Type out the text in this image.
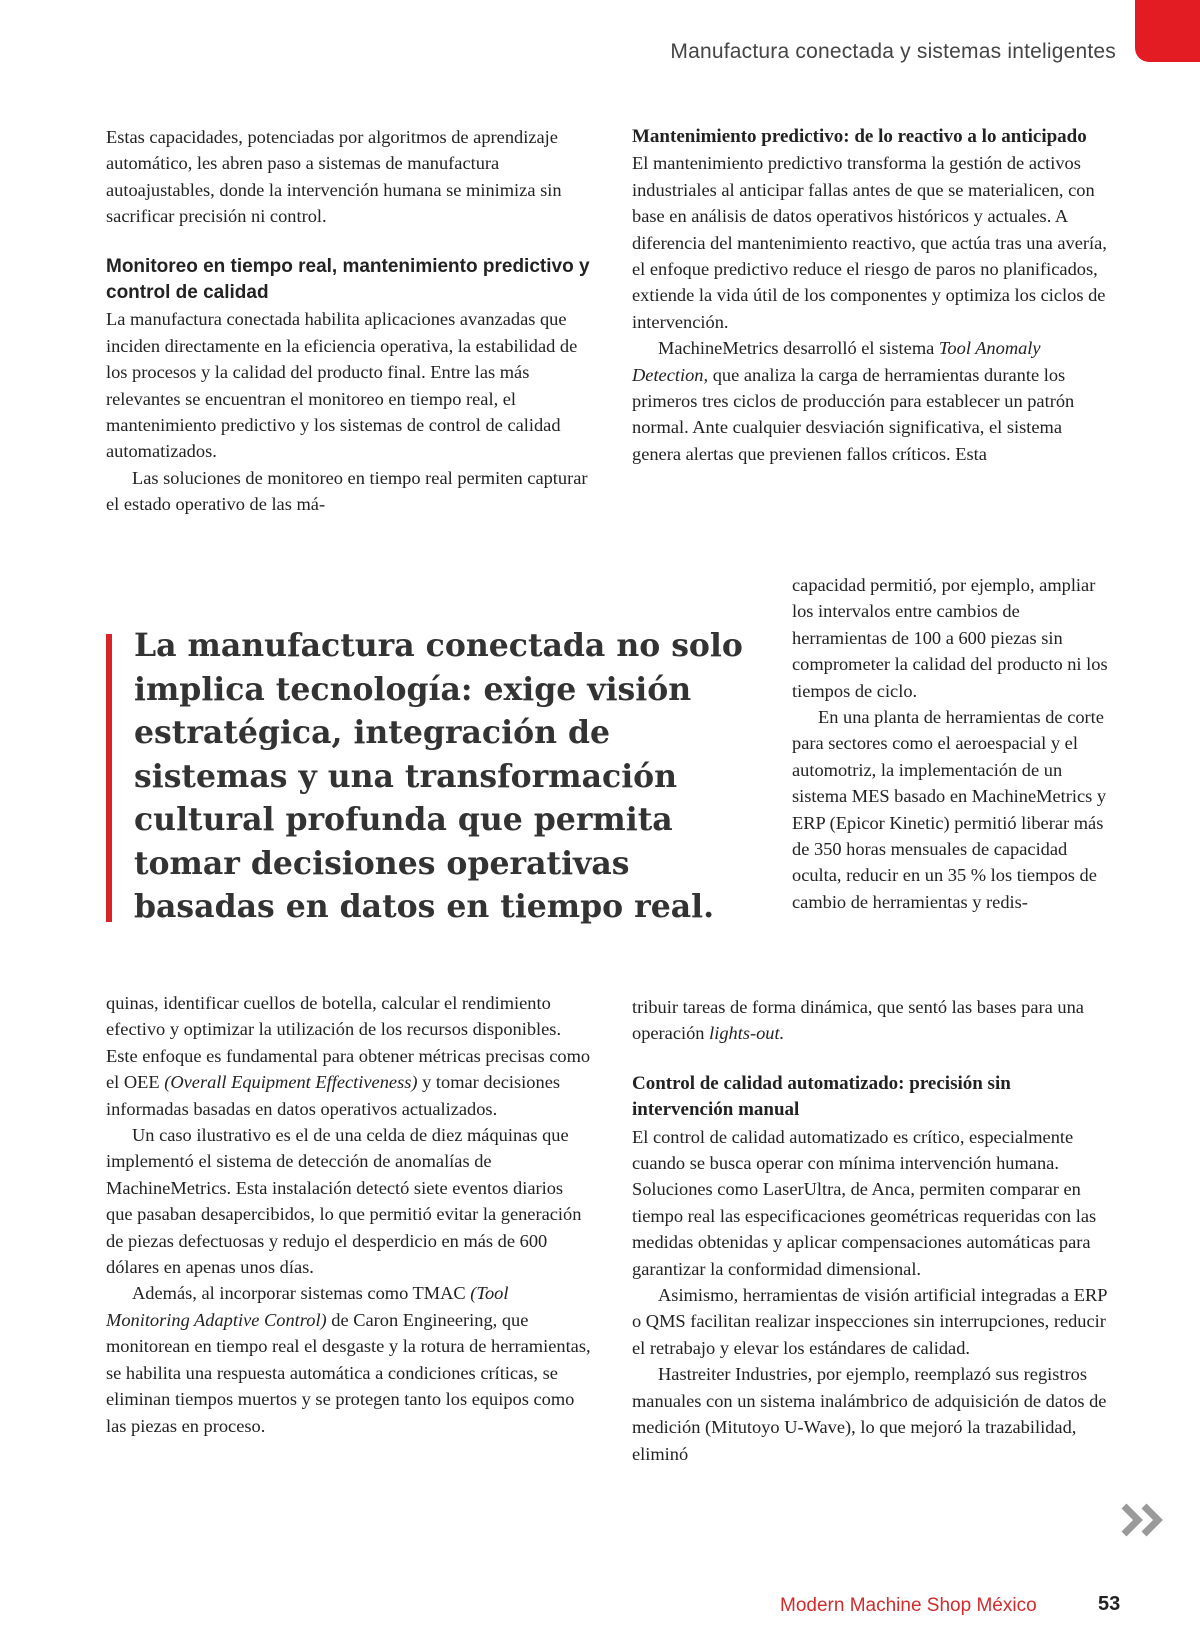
Manufactura conectada y sistemas inteligentes

Estas capacidades, potenciadas por algoritmos de aprendizaje automático, les abren paso a sistemas de manufactura autoajustables, donde la intervención humana se minimiza sin sacrificar precisión ni control.

Monitoreo en tiempo real, mantenimiento predictivo y control de calidad

La manufactura conectada habilita aplicaciones avanzadas que inciden directamente en la eficiencia operativa, la estabilidad de los procesos y la calidad del producto final. Entre las más relevantes se encuentran el monitoreo en tiempo real, el mantenimiento predictivo y los sistemas de control de calidad automatizados.

Las soluciones de monitoreo en tiempo real permiten capturar el estado operativo de las má-

La manufactura conectada no solo implica tecnología: exige visión estratégica, integración de sistemas y una transformación cultural profunda que permita tomar decisiones operativas basadas en datos en tiempo real.

quinas, identificar cuellos de botella, calcular el rendimiento efectivo y optimizar la utilización de los recursos disponibles. Este enfoque es fundamental para obtener métricas precisas como el OEE (Overall Equipment Effectiveness) y tomar decisiones informadas basadas en datos operativos actualizados.

Un caso ilustrativo es el de una celda de diez máquinas que implementó el sistema de detección de anomalías de MachineMetrics. Esta instalación detectó siete eventos diarios que pasaban desapercibidos, lo que permitió evitar la generación de piezas defectuosas y redujo el desperdicio en más de 600 dólares en apenas unos días.

Además, al incorporar sistemas como TMAC (Tool Monitoring Adaptive Control) de Caron Engineering, que monitorean en tiempo real el desgaste y la rotura de herramientas, se habilita una respuesta automática a condiciones críticas, se eliminan tiempos muertos y se protegen tanto los equipos como las piezas en proceso.

Mantenimiento predictivo: de lo reactivo a lo anticipado

El mantenimiento predictivo transforma la gestión de activos industriales al anticipar fallas antes de que se materialicen, con base en análisis de datos operativos históricos y actuales. A diferencia del mantenimiento reactivo, que actúa tras una avería, el enfoque predictivo reduce el riesgo de paros no planificados, extiende la vida útil de los componentes y optimiza los ciclos de intervención.

MachineMetrics desarrolló el sistema Tool Anomaly Detection, que analiza la carga de herramientas durante los primeros tres ciclos de producción para establecer un patrón normal. Ante cualquier desviación significativa, el sistema genera alertas que previenen fallos críticos. Esta

capacidad permitió, por ejemplo, ampliar los intervalos entre cambios de herramientas de 100 a 600 piezas sin comprometer la calidad del producto ni los tiempos de ciclo.

En una planta de herramientas de corte para sectores como el aeroespacial y el automotriz, la implementación de un sistema MES basado en MachineMetrics y ERP (Epicor Kinetic) permitió liberar más de 350 horas mensuales de capacidad oculta, reducir en un 35 % los tiempos de cambio de herramientas y redis-

tribuir tareas de forma dinámica, que sentó las bases para una operación lights-out.

Control de calidad automatizado: precisión sin intervención manual

El control de calidad automatizado es crítico, especialmente cuando se busca operar con mínima intervención humana. Soluciones como LaserUltra, de Anca, permiten comparar en tiempo real las especificaciones geométricas requeridas con las medidas obtenidas y aplicar compensaciones automáticas para garantizar la conformidad dimensional.

Asimismo, herramientas de visión artificial integradas a ERP o QMS facilitan realizar inspecciones sin interrupciones, reducir el retrabajo y elevar los estándares de calidad.

Hastreiter Industries, por ejemplo, reemplazó sus registros manuales con un sistema inalámbrico de adquisición de datos de medición (Mitutoyo U-Wave), lo que mejoró la trazabilidad, eliminó

Modern Machine Shop México	53
